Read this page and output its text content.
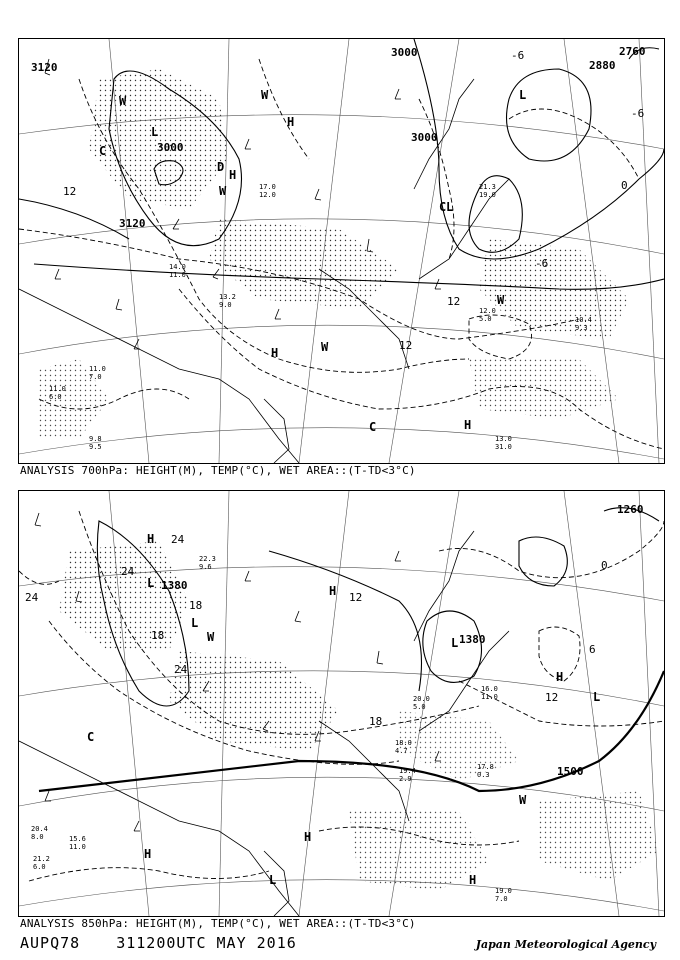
3000
3000
3120
3120
3000
2760
2880
12
-6
-6
0
12
12
-6
L
L
L
W
W
W
W
C
C
C
H
H
H
H
W
D
13.0
31.0
10.4
9.3
12.0
5.0
11.0
7.0
9.8
9.5
11.0
6.0
13.2
9.0
14.0
11.0
17.0
12.0
21.3
19.0
ANALYSIS 700hPa: HEIGHT(M), TEMP(°C), WET AREA::(T-TD<3°C)
1380
1380
1500
1260
24
24
24
18
18
12
6
0
12
24
18
H
L
L
L
L
H
H
H
L
H
W
C
W
H
17.8
0.3
19.0
7.0
22.3
9.6
20.4
8.0
21.2
6.0
15.6
11.0
18.0
4.7
16.0
11.0
20.0
5.0
19.4
2.9
ANALYSIS 850hPa: HEIGHT(M), TEMP(°C), WET AREA::(T-TD<3°C)
AUPQ78 311200UTC MAY 2016	Japan Meteorological Agency
